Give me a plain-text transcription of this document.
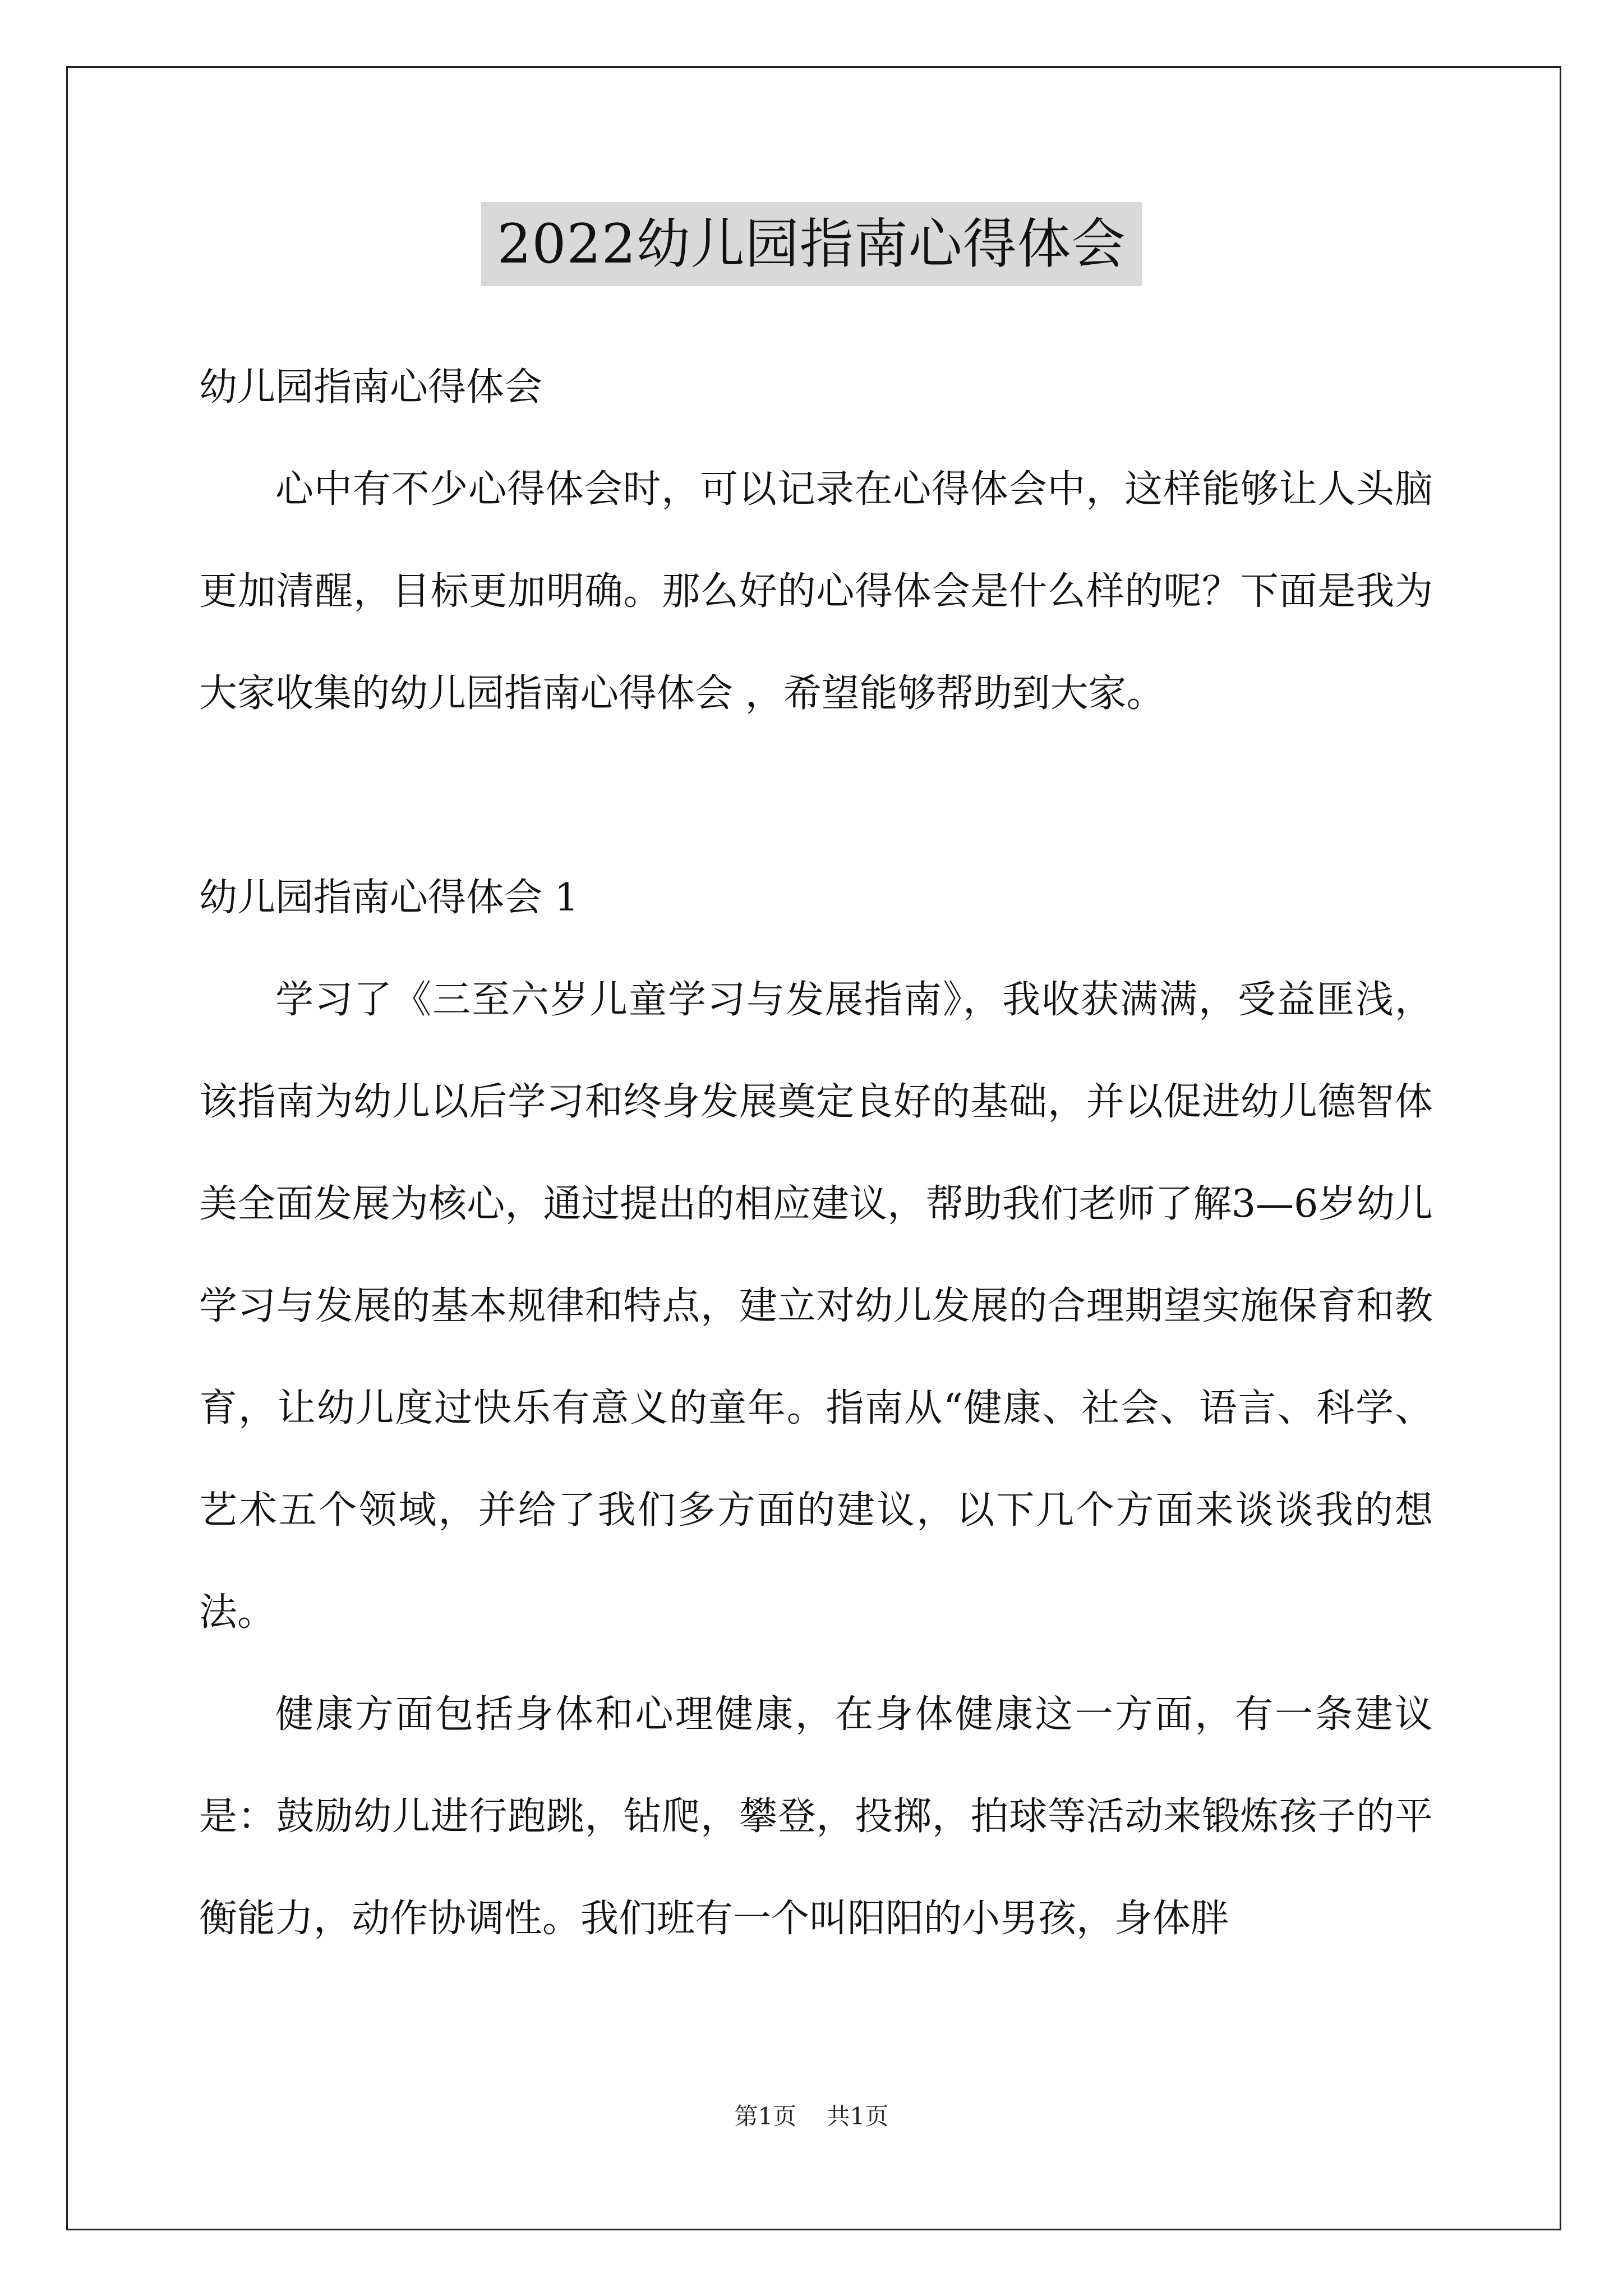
2022幼儿园指南心得体会

幼儿园指南心得体会

心中有不少心得体会时，可以记录在心得体会中，这样能够让人头脑更加清醒，目标更加明确。那么好的心得体会是什么样的呢？下面是我为大家收集的幼儿园指南心得体会 ，希望能够帮助到大家。

幼儿园指南心得体会 1

学习了《三至六岁儿童学习与发展指南》，我收获满满，受益匪浅，该指南为幼儿以后学习和终身发展奠定良好的基础，并以促进幼儿德智体美全面发展为核心，通过提出的相应建议，帮助我们老师了解3—6岁幼儿学习与发展的基本规律和特点，建立对幼儿发展的合理期望实施保育和教育，让幼儿度过快乐有意义的童年。指南从“健康、社会、语言、科学、艺术五个领域，并给了我们多方面的建议，以下几个方面来谈谈我的想法。

健康方面包括身体和心理健康，在身体健康这一方面，有一条建议是：鼓励幼儿进行跑跳，钻爬，攀登，投掷，拍球等活动来锻炼孩子的平衡能力，动作协调性。我们班有一个叫阳阳的小男孩，身体胖

第1页 共1页
